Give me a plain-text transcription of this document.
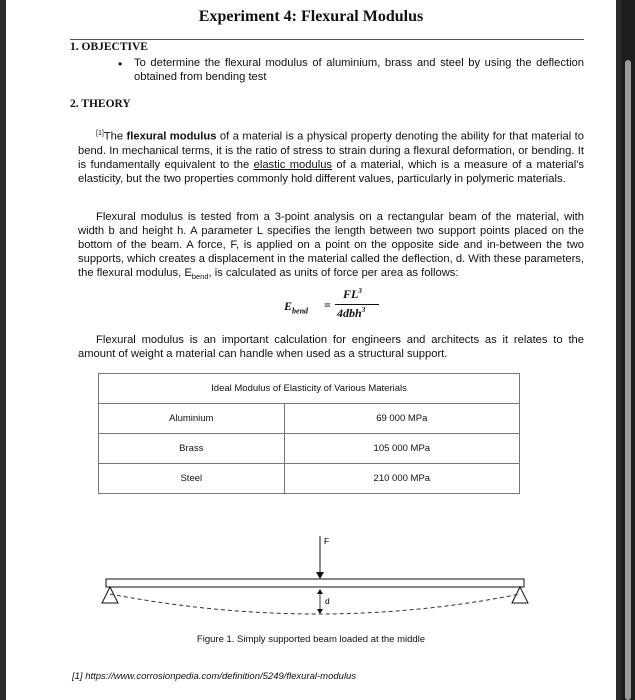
Experiment 4: Flexural Modulus
1. OBJECTIVE
• To determine the flexural modulus of aluminium, brass and steel by using the deflection obtained from bending test
2. THEORY
[1]The flexural modulus of a material is a physical property denoting the ability for that material to bend. In mechanical terms, it is the ratio of stress to strain during a flexural deformation, or bending. It is fundamentally equivalent to the elastic modulus of a material, which is a measure of a material's elasticity, but the two properties commonly hold different values, particularly in polymeric materials.
Flexural modulus is tested from a 3-point analysis on a rectangular beam of the material, with width b and height h. A parameter L specifies the length between two support points placed on the bottom of the beam. A force, F, is applied on a point on the opposite side and in-between the two supports, which creates a displacement in the material called the deflection, d. With these parameters, the flexural modulus, $E_{bend}$, is calculated as units of force per area as follows:
$E_{bend}$ =
$FL^3$
4dbh$^3$
Flexural modulus is an important calculation for engineers and architects as it relates to the amount of weight a material can handle when used as a structural support.
Ideal Modulus of Elasticity of Various Materials	
Aluminium	69 000 MPa
Brass	105 000 MPa
Steel	210 000 MPa
F
d
Figure 1. Simply supported beam loaded at the middle
[1] https://www.corrosionpedia.com/definition/5249/flexural-modulus
